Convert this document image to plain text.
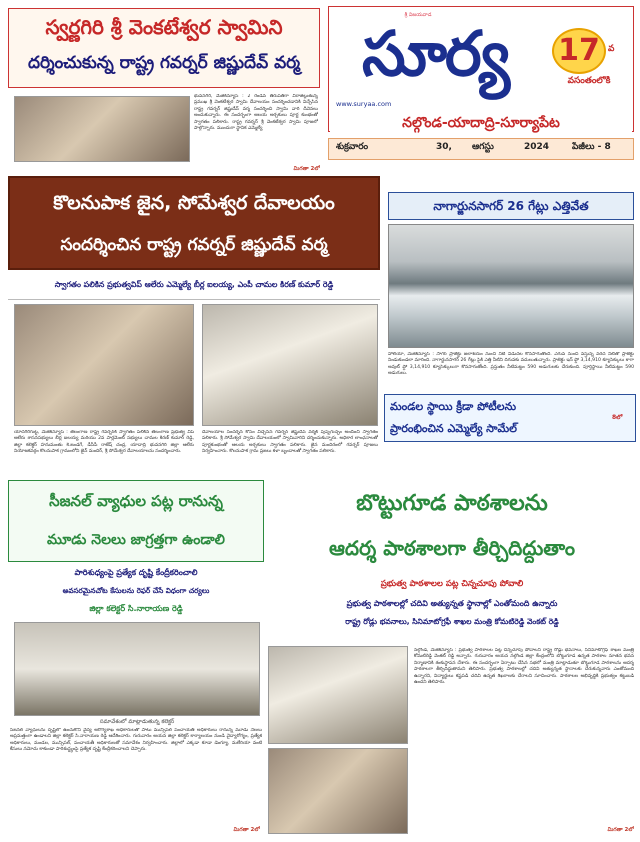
స్వర్ణగిరి శ్రీ వెంకటేశ్వర స్వామిని
దర్శించుకున్న రాష్ట్ర గవర్నర్ జిష్ణుదేవ్ వర్మ
భువనగిరి, మేజిక్‌న్యూస్ : 2 రెండవ తిరుపతిగా విరాజిల్లుతున్న ప్రముఖ శ్రీ వెంకటేశ్వర స్వామి దేవాలయం సందర్శించడానికి విచ్చేసిన రాష్ట్ర గవర్నర్ జిష్ణుదేవ్ వర్మ సందర్శించి స్వామి వారి దీవెనలు అందుకున్నారు. ఈ సందర్భంగా ఆలయ అర్చకులు పూర్ణ కుంభంతో స్వాగతం పలికారు. రాష్ట్ర గవర్నర్ శ్రీ వెంకటేశ్వర స్వామి పూజలో పాల్గొన్నారు. ముందుగా స్థానిక ఎమ్మెల్యే
మిగతా 2లో
శ్రీ విజయవాడ
సూర్య
www.suryaa.com
17 వ
వసంతంలోకి
నల్గొండ-యాదాద్రి-సూర్యాపేట
శుక్రవారం	30,	ఆగస్టు	2024	పేజీలు - 8
కొలనుపాక జైన, సోమేశ్వర దేవాలయం
సందర్శించిన రాష్ట్ర గవర్నర్ జిష్ణుదేవ్ వర్మ
స్వాగతం పలికిన ప్రభుత్వవిప్ ఆలేరు ఎమ్మెల్యే బీర్ల ఐలయ్య, ఎంపీ చామల కిరణ్ కుమార్ రెడ్డి
యాదగిరిగుట్ట, మేజిక్‌న్యూస్ : తెలంగాణ రాష్ట్ర గవర్నర్‌కి స్వాగతం పలికిన తెలంగాణ ప్రభుత్వ విప్ ఆలేరు శాసనసభ్యులు బీర్ల ఐలయ్య మరియు 2వ పార్లమెంట్ సభ్యులు చామల కిరణ్ కుమార్ రెడ్డి, జిల్లా కలెక్టర్ హనుమంతు కె.జండగే, డీసీపీ రాజేష్ చంద్ర, యాదాద్రి భువనగిరి జిల్లా ఆలేరు నియోజకవర్గం కొలనుపాక గ్రామంలోని జైన్ మందిర్, శ్రీ సోమేశ్వర దేవాలయాలను సందర్శించారు.
దేవాలయాల సందర్శన కోసం విచ్చేసిన గవర్నర్ జిష్ణుదేవ్ వర్మకి పుష్పగుచ్ఛం అందించి స్వాగతం పలికారు. శ్రీ సోమేశ్వర స్వామి దేవాలయంలో స్వామివారిని దర్శించుకున్నారు. అధికార లాంఛనాలతో పూర్ణకుంభంతో ఆలయ అర్చకులు స్వాగతం పలికారు. జైన మందిరంలో గవర్నర్ పూజలు నిర్వహించారు. కొలనుపాక గ్రామ ప్రజలు కళా బృందాలతో స్వాగతం పలికారు.
నాగార్జునసాగర్ 26 గేట్లు ఎత్తివేత
హాలియా, మేజిక్‌న్యూస్ : సాగర్ ప్రాజెక్టు జలాశయం నుంచి నీటి విడుదల కొనసాగుతోంది. ఎగువ నుంచి వస్తున్న వరద నీటితో ప్రాజెక్టు నిండుకుండలా మారింది. నాగార్జునసాగర్ 26 గేట్లు పైకి ఎత్తి నీటిని దిగువకు వదులుతున్నారు. ప్రాజెక్టు ఇన్ ఫ్లో 3,14,910 క్యూసెక్కులు కాగా అవుట్ ఫ్లో 3,14,910 క్యూసెక్కులుగా కొనసాగుతోంది. ప్రస్తుతం నీటిమట్టం 590 అడుగులకు చేరుకుంది. పూర్తిస్థాయి నీటిమట్టం 590 అడుగులు.
మండల స్థాయి క్రీడా పోటీలను
ప్రారంభించిన ఎమ్మెల్యే సామేల్
8లో
సీజనల్ వ్యాధుల పట్ల రానున్న
మూడు నెలలు జాగ్రత్తగా ఉండాలి
పారిశుధ్యంపై ప్రత్యేక దృష్టి కేంద్రీకరించాలి
అవసరమైనచోట కేసులను రెఫర్ చేసే విధంగా చర్యలు
జిల్లా కలెక్టర్ సి.నారాయణ రెడ్డి
సమావేశంలో మాట్లాడుతున్న కలెక్టర్
సీజనల్ వ్యాధులను దృష్టిలో ఉంచుకొని వైద్య ఆరోగ్యశాఖ అధికారులతో పాటు మున్సిపల్ పంచాయతీ అధికారులు రానున్న మూడు నెలలు అప్రమత్తంగా ఉండాలని జిల్లా కలెక్టర్ సి.నారాయణ రెడ్డి ఆదేశించారు. గురువారం ఆయన జిల్లా కలెక్టర్ కార్యాలయం నుండి వైద్యారోగ్యం, ప్రత్యేక అధికారులు, మండల, మున్సిపల్, పంచాయతీ అధికారులతో సమావేశం నిర్వహించారు. జిల్లాలో ఎక్కడా కూడా డెంగ్యూ, మలేరియా వంటి కేసులు నమోదు కాకుండా పారిశుద్ధ్యంపై ప్రత్యేక దృష్టి కేంద్రీకరించాలని చెప్పారు.
మిగతా 2లో
బొట్టుగూడ పాఠశాలను
ఆదర్శ పాఠశాలగా తీర్చిదిద్దుతాం
ప్రభుత్వ పాఠశాలల పట్ల చిన్నచూపు పోవాలి
ప్రభుత్వ పాఠశాలల్లో చదివి అత్యున్నత స్థానాల్లో ఎంతోమంది ఉన్నారు
రాష్ట్ర రోడ్లు భవనాలు, సినిమాటోగ్రఫీ శాఖల మంత్రి కోమటిరెడ్డి వెంకట్ రెడ్డి
నల్గొండ, మేజిక్‌న్యూస్ : ప్రభుత్వ పాఠశాలల పట్ల చిన్నచూపు పోవాలని రాష్ట్ర రోడ్లు భవనాలు, సినిమాటోగ్రఫీ శాఖల మంత్రి కోమటిరెడ్డి వెంకట్ రెడ్డి అన్నారు. గురువారం ఆయన నల్గొండ జిల్లా కేంద్రంలోని బొట్టుగూడ ఉన్నత పాఠశాల నూతన భవన నిర్మాణానికి శంకుస్థాపన చేశారు. ఈ సందర్భంగా ఏర్పాటు చేసిన సభలో మంత్రి మాట్లాడుతూ బొట్టుగూడ పాఠశాలను ఆదర్శ పాఠశాలగా తీర్చిదిద్దుతామని తెలిపారు. ప్రభుత్వ పాఠశాలల్లో చదివి అత్యున్నత స్థానాలకు చేరుకున్నవారు ఎంతోమంది ఉన్నారని, విద్యార్థులు కష్టపడి చదివి ఉన్నత శిఖరాలకు చేరాలని సూచించారు. పాఠశాలల అభివృద్ధికి ప్రభుత్వం కట్టుబడి ఉందని తెలిపారు.
మిగతా 2లో
